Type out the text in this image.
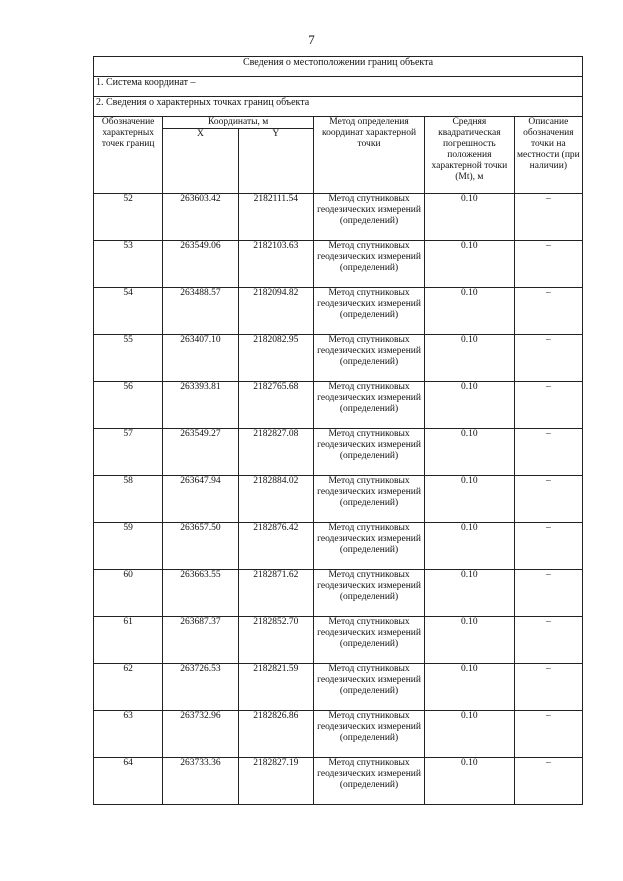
7
Сведения о местоположении границ объекта					
1. Система координат –					
2. Сведения о характерных точках границ объекта					
Обозначение характерных точек границ	Координаты, м		Метод определения координат характерной точки	Средняя квадратическая погрешность положения характерной точки (Mt), м	Описание обозначения точки на местности (при наличии)
	X	Y			
52	263603.42	2182111.54	Метод спутниковых геодезических измерений (определений)	0.10	–
53	263549.06	2182103.63	Метод спутниковых геодезических измерений (определений)	0.10	–
54	263488.57	2182094.82	Метод спутниковых геодезических измерений (определений)	0.10	–
55	263407.10	2182082.95	Метод спутниковых геодезических измерений (определений)	0.10	–
56	263393.81	2182765.68	Метод спутниковых геодезических измерений (определений)	0.10	–
57	263549.27	2182827.08	Метод спутниковых геодезических измерений (определений)	0.10	–
58	263647.94	2182884.02	Метод спутниковых геодезических измерений (определений)	0.10	–
59	263657.50	2182876.42	Метод спутниковых геодезических измерений (определений)	0.10	–
60	263663.55	2182871.62	Метод спутниковых геодезических измерений (определений)	0.10	–
61	263687.37	2182852.70	Метод спутниковых геодезических измерений (определений)	0.10	–
62	263726.53	2182821.59	Метод спутниковых геодезических измерений (определений)	0.10	–
63	263732.96	2182826.86	Метод спутниковых геодезических измерений (определений)	0.10	–
64	263733.36	2182827.19	Метод спутниковых геодезических измерений (определений)	0.10	–
